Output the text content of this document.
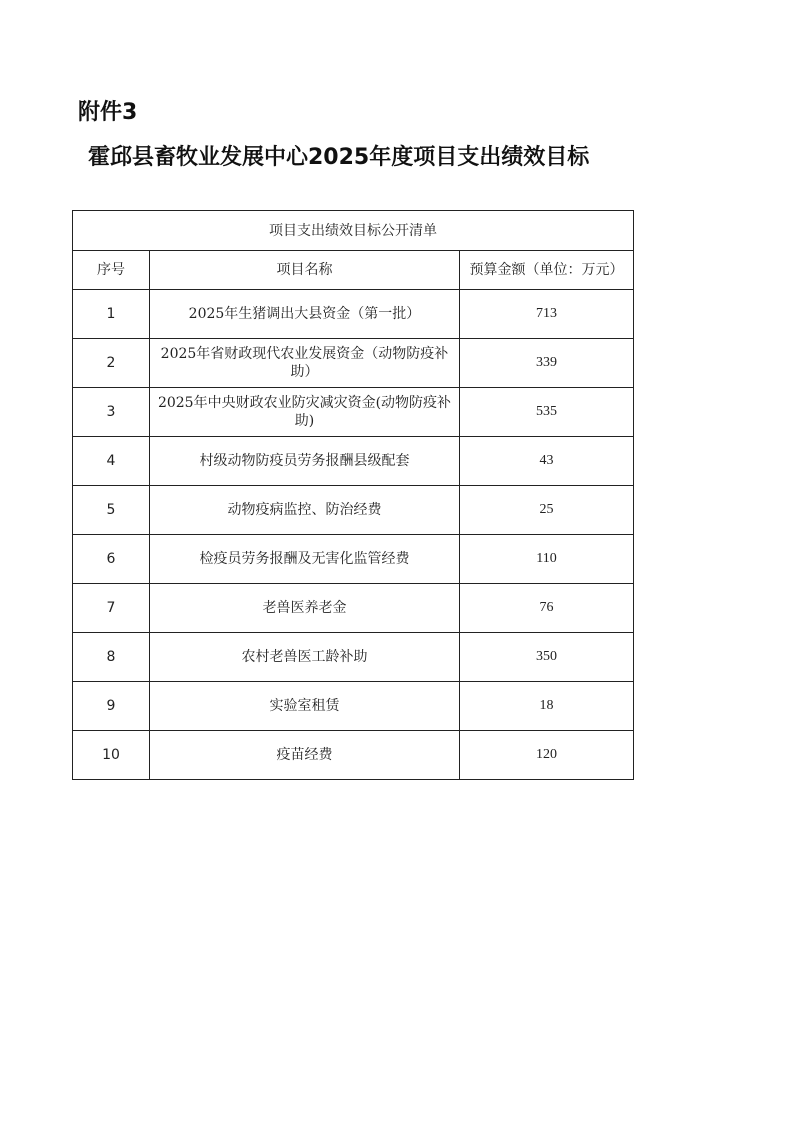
附件3
霍邱县畜牧业发展中心2025年度项目支出绩效目标
项目支出绩效目标公开清单		
序号	项目名称	预算金额（单位：万元）
1	2025年生猪调出大县资金（第一批）	713
2	2025年省财政现代农业发展资金（动物防疫补助）	339
3	2025年中央财政农业防灾减灾资金(动物防疫补助)	535
4	村级动物防疫员劳务报酬县级配套	43
5	动物疫病监控、防治经费	25
6	检疫员劳务报酬及无害化监管经费	110
7	老兽医养老金	76
8	农村老兽医工龄补助	350
9	实验室租赁	18
10	疫苗经费	120
